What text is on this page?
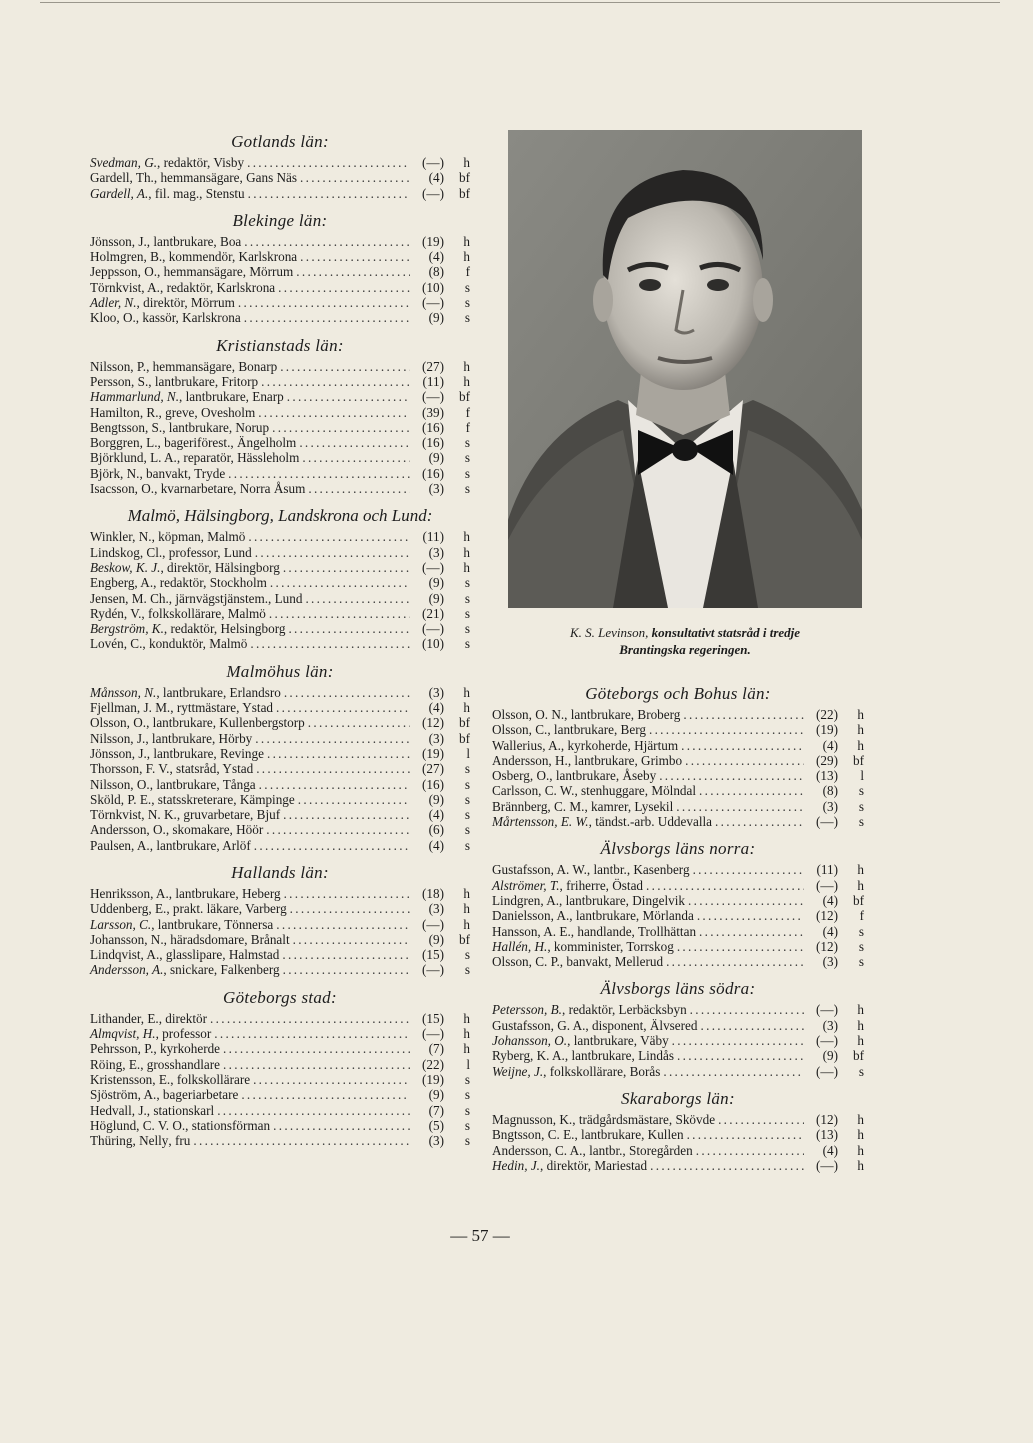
Gotlands län:
Svedman, G. , redaktör, Visby . . .	(—)	h
Gardell, Th. , hemmansägare, Gans Näs . . .	(4)	bf
Gardell, A. , fil. mag., Stenstu . . .	(—)	bf
Blekinge län:
Jönsson, J. , lantbrukare, Boa . . .	(19)	h
Holmgren, B. , kommendör, Karlskrona . . .	(4)	h
Jeppsson, O. , hemmansägare, Mörrum . . .	(8)	f
Törnkvist, A. , redaktör, Karlskrona . . .	(10)	s
Adler, N. , direktör, Mörrum . . .	(—)	s
Kloo, O. , kassör, Karlskrona . . .	(9)	s
Kristianstads län:
Nilsson, P. , hemmansägare, Bonarp . . .	(27)	h
Persson, S. , lantbrukare, Fritorp . . .	(11)	h
Hammarlund, N. , lantbrukare, Enarp . . .	(—)	bf
Hamilton, R. , greve, Ovesholm . . .	(39)	f
Bengtsson, S. , lantbrukare, Norup . . .	(16)	f
Borggren, L. , bageriförest., Ängelholm . . .	(16)	s
Björklund, L. A. , reparatör, Hässleholm . . .	(9)	s
Björk, N. , banvakt, Tryde . . .	(16)	s
Isacsson, O. , kvarnarbetare, Norra Åsum . . .	(3)	s
Malmö, Hälsingborg, Landskrona och Lund:
Winkler, N. , köpman, Malmö . . .	(11)	h
Lindskog, Cl. , professor, Lund . . .	(3)	h
Beskow, K. J. , direktör, Hälsingborg . . .	(—)	h
Engberg, A. , redaktör, Stockholm . . .	(9)	s
Jensen, M. Ch. , järnvägstjänstem., Lund . . .	(9)	s
Rydén, V. , folkskollärare, Malmö . . .	(21)	s
Bergström, K. , redaktör, Helsingborg . . .	(—)	s
Lovén, C. , konduktör, Malmö . . .	(10)	s
Malmöhus län:
Månsson, N. , lantbrukare, Erlandsro . . .	(3)	h
Fjellman, J. M. , ryttmästare, Ystad . . .	(4)	h
Olsson, O. , lantbrukare, Kullenbergstorp . . .	(12)	bf
Nilsson, J. , lantbrukare, Hörby . . .	(3)	bf
Jönsson, J. , lantbrukare, Revinge . . .	(19)	l
Thorsson, F. V. , statsråd, Ystad . . .	(27)	s
Nilsson, O. , lantbrukare, Tånga . . .	(16)	s
Sköld, P. E. , statsskreterare, Kämpinge . . .	(9)	s
Törnkvist, N. K. , gruvarbetare, Bjuf . . .	(4)	s
Andersson, O. , skomakare, Höör . . .	(6)	s
Paulsen, A. , lantbrukare, Arlöf . . .	(4)	s
Hallands län:
Henriksson, A. , lantbrukare, Heberg . . .	(18)	h
Uddenberg, E. , prakt. läkare, Varberg . . .	(3)	h
Larsson, C. , lantbrukare, Tönnersa . . .	(—)	h
Johansson, N. , häradsdomare, Brånalt . . .	(9)	bf
Lindqvist, A. , glasslipare, Halmstad . . .	(15)	s
Andersson, A. , snickare, Falkenberg . . .	(—)	s
Göteborgs stad:
Lithander, E. , direktör . . .	(15)	h
Almqvist, H. , professor . . .	(—)	h
Pehrsson, P. , kyrkoherde . . .	(7)	h
Röing, E. , grosshandlare . . .	(22)	l
Kristensson, E. , folkskollärare . . .	(19)	s
Sjöström, A. , bageriarbetare . . .	(9)	s
Hedvall, J. , stationskarl . . .	(7)	s
Höglund, C. V. O. , stationsförman . . .	(5)	s
Thüring, Nelly , fru . . .	(3)	s
K. S. Levinson, konsultativt statsråd i tredje
Brantingska regeringen.
Göteborgs och Bohus län:
Olsson, O. N. , lantbrukare, Broberg . . .	(22)	h
Olsson, C. , lantbrukare, Berg . . .	(19)	h
Wallerius, A. , kyrkoherde, Hjärtum . . .	(4)	h
Andersson, H. , lantbrukare, Grimbo . . .	(29)	bf
Osberg, O. , lantbrukare, Åseby . . .	(13)	l
Carlsson, C. W. , stenhuggare, Mölndal . . .	(8)	s
Brännberg, C. M. , kamrer, Lysekil . . .	(3)	s
Mårtensson, E. W. , tändst.-arb. Uddevalla . . .	(—)	s
Älvsborgs läns norra:
Gustafsson, A. W. , lantbr., Kasenberg . . .	(11)	h
Alströmer, T. , friherre, Östad . . .	(—)	h
Lindgren, A. , lantbrukare, Dingelvik . . .	(4)	bf
Danielsson, A. , lantbrukare, Mörlanda . . .	(12)	f
Hansson, A. E. , handlande, Trollhättan . . .	(4)	s
Hallén, H. , komminister, Torrskog . . .	(12)	s
Olsson, C. P. , banvakt, Mellerud . . .	(3)	s
Älvsborgs läns södra:
Petersson, B. , redaktör, Lerbäcksbyn . . .	(—)	h
Gustafsson, G. A. , disponent, Älvsered . . .	(3)	h
Johansson, O. , lantbrukare, Väby . . .	(—)	h
Ryberg, K. A. , lantbrukare, Lindås . . .	(9)	bf
Weijne, J. , folkskollärare, Borås . . .	(—)	s
Skaraborgs län:
Magnusson, K. , trädgårdsmästare, Skövde . . .	(12)	h
Bngtsson, C. E. , lantbrukare, Kullen . . .	(13)	h
Andersson, C. A. , lantbr., Storegården . . .	(4)	h
Hedin, J. , direktör, Mariestad . . .	(—)	h
— 57 —
